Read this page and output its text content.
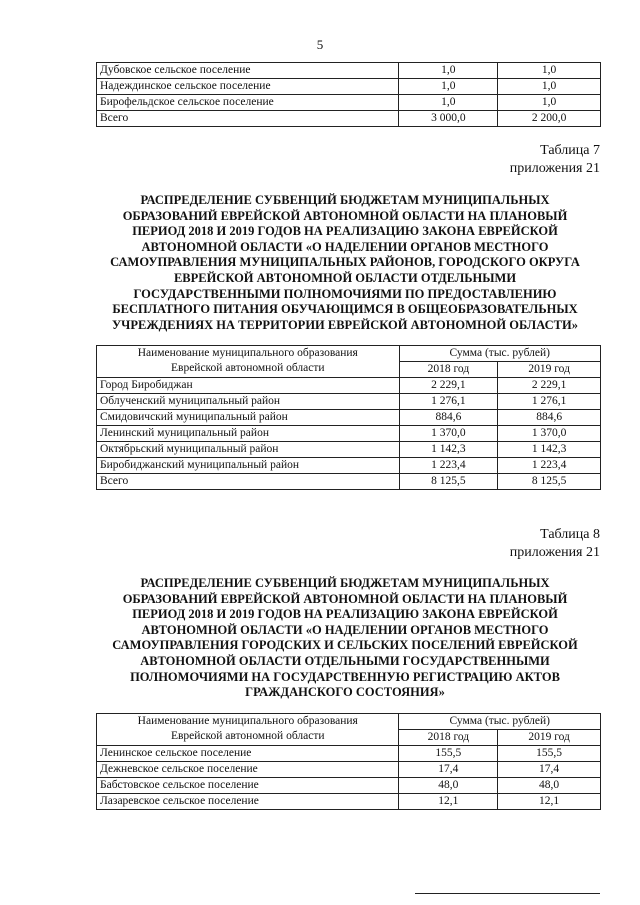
5
Дубовское сельское поселение	1,0	1,0
Надеждинское сельское поселение	1,0	1,0
Бирофельдское сельское поселение	1,0	1,0
Всего	3 000,0	2 200,0
Таблица 7
приложения 21
РАСПРЕДЕЛЕНИЕ СУБВЕНЦИЙ БЮДЖЕТАМ МУНИЦИПАЛЬНЫХ
ОБРАЗОВАНИЙ ЕВРЕЙСКОЙ АВТОНОМНОЙ ОБЛАСТИ НА ПЛАНОВЫЙ
ПЕРИОД 2018 И 2019 ГОДОВ НА РЕАЛИЗАЦИЮ ЗАКОНА ЕВРЕЙСКОЙ
АВТОНОМНОЙ ОБЛАСТИ «О НАДЕЛЕНИИ ОРГАНОВ МЕСТНОГО
САМОУПРАВЛЕНИЯ МУНИЦИПАЛЬНЫХ РАЙОНОВ, ГОРОДСКОГО ОКРУГА
ЕВРЕЙСКОЙ АВТОНОМНОЙ ОБЛАСТИ ОТДЕЛЬНЫМИ
ГОСУДАРСТВЕННЫМИ ПОЛНОМОЧИЯМИ ПО ПРЕДОСТАВЛЕНИЮ
БЕСПЛАТНОГО ПИТАНИЯ ОБУЧАЮЩИМСЯ В ОБЩЕОБРАЗОВАТЕЛЬНЫХ
УЧРЕЖДЕНИЯХ НА ТЕРРИТОРИИ ЕВРЕЙСКОЙ АВТОНОМНОЙ ОБЛАСТИ»
Наименование муниципального образования
Еврейской автономной области	Сумма (тыс. рублей)	
	2018 год	2019 год
Город Биробиджан	2 229,1	2 229,1
Облученский муниципальный район	1 276,1	1 276,1
Смидовичский муниципальный район	884,6	884,6
Ленинский муниципальный район	1 370,0	1 370,0
Октябрьский муниципальный район	1 142,3	1 142,3
Биробиджанский муниципальный район	1 223,4	1 223,4
Всего	8 125,5	8 125,5
Таблица 8
приложения 21
РАСПРЕДЕЛЕНИЕ СУБВЕНЦИЙ БЮДЖЕТАМ МУНИЦИПАЛЬНЫХ
ОБРАЗОВАНИЙ ЕВРЕЙСКОЙ АВТОНОМНОЙ ОБЛАСТИ НА ПЛАНОВЫЙ
ПЕРИОД 2018 И 2019 ГОДОВ НА РЕАЛИЗАЦИЮ ЗАКОНА ЕВРЕЙСКОЙ
АВТОНОМНОЙ ОБЛАСТИ «О НАДЕЛЕНИИ ОРГАНОВ МЕСТНОГО
САМОУПРАВЛЕНИЯ ГОРОДСКИХ И СЕЛЬСКИХ ПОСЕЛЕНИЙ ЕВРЕЙСКОЙ
АВТОНОМНОЙ ОБЛАСТИ ОТДЕЛЬНЫМИ ГОСУДАРСТВЕННЫМИ
ПОЛНОМОЧИЯМИ НА ГОСУДАРСТВЕННУЮ РЕГИСТРАЦИЮ АКТОВ
ГРАЖДАНСКОГО СОСТОЯНИЯ»
Наименование муниципального образования
Еврейской автономной области	Сумма (тыс. рублей)	
	2018 год	2019 год
Ленинское сельское поселение	155,5	155,5
Дежневское сельское поселение	17,4	17,4
Бабстовское сельское поселение	48,0	48,0
Лазаревское сельское поселение	12,1	12,1
